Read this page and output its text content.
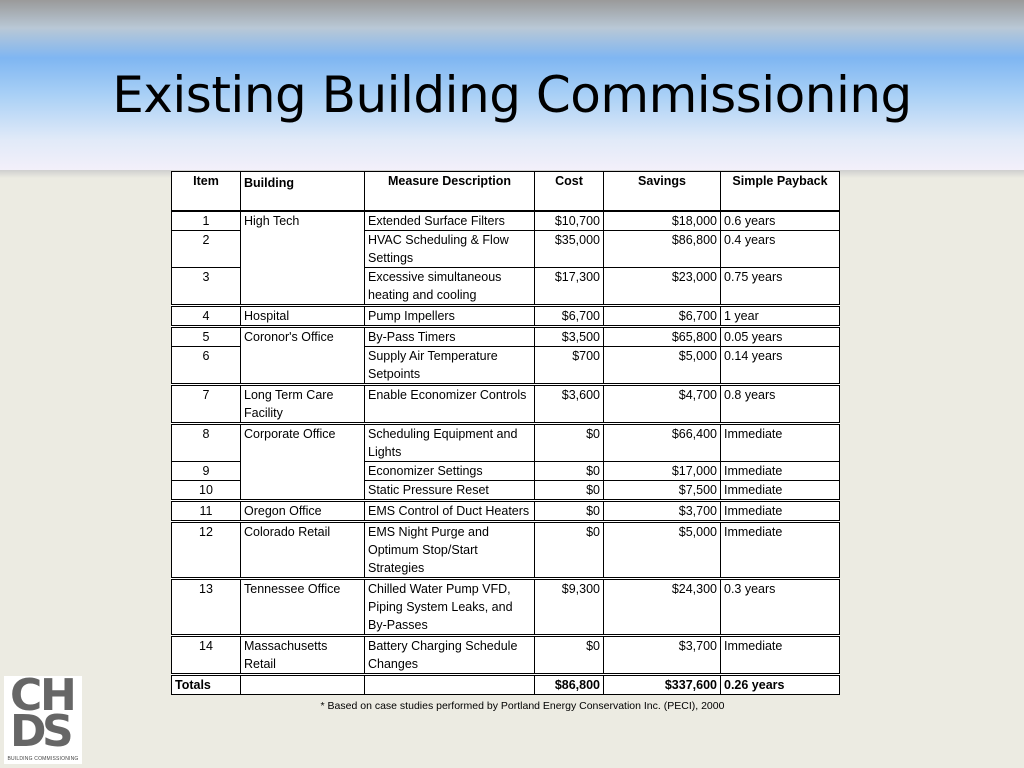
Existing Building Commissioning
Item	Building	Measure Description	Cost	Savings	Simple Payback
1	High Tech	Extended Surface Filters	$10,700	$18,000	0.6 years
2		HVAC Scheduling & Flow Settings	$35,000	$86,800	0.4 years
3		Excessive simultaneous heating and cooling	$17,300	$23,000	0.75 years
4	Hospital	Pump Impellers	$6,700	$6,700	1 year
5	Coronor's Office	By-Pass Timers	$3,500	$65,800	0.05 years
6		Supply Air Temperature Setpoints	$700	$5,000	0.14 years
7	Long Term Care Facility	Enable Economizer Controls	$3,600	$4,700	0.8 years
8	Corporate Office	Scheduling Equipment and Lights	$0	$66,400	Immediate
9		Economizer Settings	$0	$17,000	Immediate
10		Static Pressure Reset	$0	$7,500	Immediate
11	Oregon Office	EMS Control of Duct Heaters	$0	$3,700	Immediate
12	Colorado Retail	EMS Night Purge and Optimum Stop/Start Strategies	$0	$5,000	Immediate
13	Tennessee Office	Chilled Water Pump VFD, Piping System Leaks, and By-Passes	$9,300	$24,300	0.3 years
14	Massachusetts Retail	Battery Charging Schedule Changes	$0	$3,700	Immediate
Totals			$86,800	$337,600	0.26 years
* Based on case studies performed by Portland Energy Conservation Inc. (PECI), 2000
C
H
D
S
BUILDING COMMISSIONING
